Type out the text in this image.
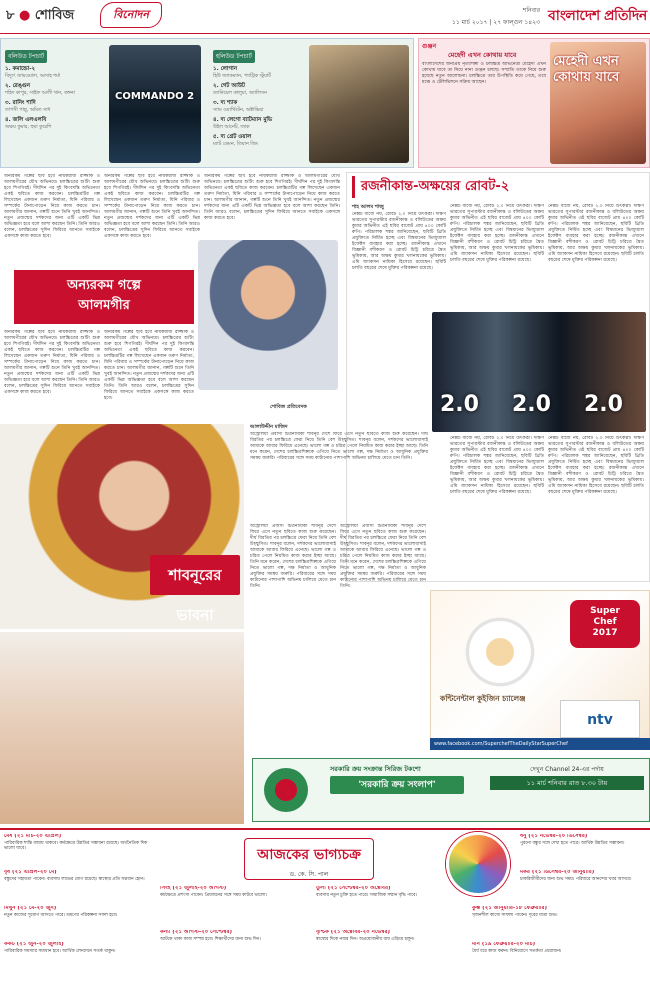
৮ ● শোবিজ	বিনোদন	শনিবার
১১ মার্চ ২০১৭ | ২৭ ফাল্গুন ১৪২৩ বাংলাদেশ প্রতিদিন
বলিউড টপচার্ট
১. কমান্ডো-২
বিদ্যুৎ জামওয়াল, আদাহ শর্মা
২. রেঙ্গুন
শহিদ কাপুর, সাইফ আলী খান, কঙ্গনা
৩. রানিং শাদি
তাপসী পান্নু, অমিত সাধ
৪. জলি এলএলবি
অক্ষয় কুমার, হুমা কুরেশি
COMMANDO 2
হলিউড টপচার্ট
১. লোগান
হিউ জ্যাকম্যান, প্যাট্রিক স্টুয়ার্ট
২. গেট আউট
ড্যানিয়েল কালুয়া, অ্যালিসন
৩. দ্য শ্যাক
স্যাম ওয়ার্থিংটন, অক্টাভিয়া
৪. দ্য লেগো ব্যাটম্যান মুভি
উইল আর্নেট, জাক
৫. দ্য গ্রেট ওয়াল
ম্যাট ডেমন, তিয়ান জিং
গুঞ্জন
মেহেদী এখন কোথায় যাবে
বাংলাদেশের জনপ্রিয় নৃত্যশিল্পী ও চলচ্চিত্র অভিনেত্রী মেহেদী এখন কোথায় যাবে তা নিয়ে নানা গুঞ্জন চলছে। সম্প্রতি তাকে নিয়ে শুরু হয়েছে নতুন আলোচনা। চলচ্চিত্রে তার উপস্থিতি কমে গেছে, তবে মঞ্চে ও টেলিভিশনে সক্রিয় আছেন।
মেহেদী এখন কোথায় যাবে
অন্যরকম গল্পের ছবি হবে নায়করাজ রাজ্জাক ও আলমগীরের যৌথ অভিনয়ে। চলচ্চিত্রের শুটিং শুরু হবে শিগগিরই। দীর্ঘদিন পর দুই কিংবদন্তি অভিনেতা একই ছবিতে কাজ করবেন। চলচ্চিত্রটির গল্প লিখেছেন একজন তরুণ নির্মাতা, যিনি পরিবার ও সম্পর্কের টানাপোড়েন নিয়ে কাজ করতে চান। আলমগীর জানান, গল্পটি শুনে তিনি খুবই আনন্দিত। নতুন প্রজন্মের দর্শকদের জন্য এটি একটি ভিন্ন অভিজ্ঞতা হবে বলে আশা করছেন তিনি। তিনি আরও বলেন, চলচ্চিত্রের সুদিন ফিরিয়ে আনতে সবাইকে একসঙ্গে কাজ করতে হবে।
অন্যরকম গল্পের ছবি হবে নায়করাজ রাজ্জাক ও আলমগীরের যৌথ অভিনয়ে। চলচ্চিত্রের শুটিং শুরু হবে শিগগিরই। দীর্ঘদিন পর দুই কিংবদন্তি অভিনেতা একই ছবিতে কাজ করবেন। চলচ্চিত্রটির গল্প লিখেছেন একজন তরুণ নির্মাতা, যিনি পরিবার ও সম্পর্কের টানাপোড়েন নিয়ে কাজ করতে চান। আলমগীর জানান, গল্পটি শুনে তিনি খুবই আনন্দিত। নতুন প্রজন্মের দর্শকদের জন্য এটি একটি ভিন্ন অভিজ্ঞতা হবে বলে আশা করছেন তিনি। তিনি আরও বলেন, চলচ্চিত্রের সুদিন ফিরিয়ে আনতে সবাইকে একসঙ্গে কাজ করতে হবে।
অন্যরকম গল্পের ছবি হবে নায়করাজ রাজ্জাক ও আলমগীরের যৌথ অভিনয়ে। চলচ্চিত্রের শুটিং শুরু হবে শিগগিরই। দীর্ঘদিন পর দুই কিংবদন্তি অভিনেতা একই ছবিতে কাজ করবেন। চলচ্চিত্রটির গল্প লিখেছেন একজন তরুণ নির্মাতা, যিনি পরিবার ও সম্পর্কের টানাপোড়েন নিয়ে কাজ করতে চান। আলমগীর জানান, গল্পটি শুনে তিনি খুবই আনন্দিত। নতুন প্রজন্মের দর্শকদের জন্য এটি একটি ভিন্ন অভিজ্ঞতা হবে বলে আশা করছেন তিনি। তিনি আরও বলেন, চলচ্চিত্রের সুদিন ফিরিয়ে আনতে সবাইকে একসঙ্গে কাজ করতে হবে।
অন্যরকম গল্পে
আলমগীর
অন্যরকম গল্পের ছবি হবে নায়করাজ রাজ্জাক ও আলমগীরের যৌথ অভিনয়ে। চলচ্চিত্রের শুটিং শুরু হবে শিগগিরই। দীর্ঘদিন পর দুই কিংবদন্তি অভিনেতা একই ছবিতে কাজ করবেন। চলচ্চিত্রটির গল্প লিখেছেন একজন তরুণ নির্মাতা, যিনি পরিবার ও সম্পর্কের টানাপোড়েন নিয়ে কাজ করতে চান। আলমগীর জানান, গল্পটি শুনে তিনি খুবই আনন্দিত। নতুন প্রজন্মের দর্শকদের জন্য এটি একটি ভিন্ন অভিজ্ঞতা হবে বলে আশা করছেন তিনি। তিনি আরও বলেন, চলচ্চিত্রের সুদিন ফিরিয়ে আনতে সবাইকে একসঙ্গে কাজ করতে হবে।
অন্যরকম গল্পের ছবি হবে নায়করাজ রাজ্জাক ও আলমগীরের যৌথ অভিনয়ে। চলচ্চিত্রের শুটিং শুরু হবে শিগগিরই। দীর্ঘদিন পর দুই কিংবদন্তি অভিনেতা একই ছবিতে কাজ করবেন। চলচ্চিত্রটির গল্প লিখেছেন একজন তরুণ নির্মাতা, যিনি পরিবার ও সম্পর্কের টানাপোড়েন নিয়ে কাজ করতে চান। আলমগীর জানান, গল্পটি শুনে তিনি খুবই আনন্দিত। নতুন প্রজন্মের দর্শকদের জন্য এটি একটি ভিন্ন অভিজ্ঞতা হবে বলে আশা করছেন তিনি। তিনি আরও বলেন, চলচ্চিত্রের সুদিন ফিরিয়ে আনতে সবাইকে একসঙ্গে কাজ করতে হবে।
শোবিজ প্রতিবেদক
রজনীকান্ত-অক্ষয়ের রোবট-২
শাহ আলম শাজু
নেক্সট বাজে নয়, রোবট ২.০ নিয়ে উৎকণ্ঠা। দক্ষিণ ভারতের সুপারস্টার রজনীকান্ত ও বলিউডের অক্ষয় কুমার অভিনীত এই ছবির বাজেট প্রায় ৪০০ কোটি রুপি। পরিচালক শঙ্কর জানিয়েছেন, ছবিটি থ্রিডি প্রযুক্তিতে নির্মিত হচ্ছে এবং বিশ্বমানের ভিজ্যুয়াল ইফেক্টস ব্যবহার করা হচ্ছে। রজনীকান্ত এখানে বিজ্ঞানী বশীকরণ ও রোবট চিট্টি চরিত্রে দ্বৈত ভূমিকায়, আর অক্ষয় কুমার খলনায়কের ভূমিকায়। এমি জ্যাকসন নায়িকা হিসেবে রয়েছেন। ছবিটি চলতি বছরের শেষে মুক্তির পরিকল্পনা রয়েছে।
নেক্সট বাজে নয়, রোবট ২.০ নিয়ে উৎকণ্ঠা। দক্ষিণ ভারতের সুপারস্টার রজনীকান্ত ও বলিউডের অক্ষয় কুমার অভিনীত এই ছবির বাজেট প্রায় ৪০০ কোটি রুপি। পরিচালক শঙ্কর জানিয়েছেন, ছবিটি থ্রিডি প্রযুক্তিতে নির্মিত হচ্ছে এবং বিশ্বমানের ভিজ্যুয়াল ইফেক্টস ব্যবহার করা হচ্ছে। রজনীকান্ত এখানে বিজ্ঞানী বশীকরণ ও রোবট চিট্টি চরিত্রে দ্বৈত ভূমিকায়, আর অক্ষয় কুমার খলনায়কের ভূমিকায়। এমি জ্যাকসন নায়িকা হিসেবে রয়েছেন। ছবিটি চলতি বছরের শেষে মুক্তির পরিকল্পনা রয়েছে।
নেক্সট বাজে নয়, রোবট ২.০ নিয়ে উৎকণ্ঠা। দক্ষিণ ভারতের সুপারস্টার রজনীকান্ত ও বলিউডের অক্ষয় কুমার অভিনীত এই ছবির বাজেট প্রায় ৪০০ কোটি রুপি। পরিচালক শঙ্কর জানিয়েছেন, ছবিটি থ্রিডি প্রযুক্তিতে নির্মিত হচ্ছে এবং বিশ্বমানের ভিজ্যুয়াল ইফেক্টস ব্যবহার করা হচ্ছে। রজনীকান্ত এখানে বিজ্ঞানী বশীকরণ ও রোবট চিট্টি চরিত্রে দ্বৈত ভূমিকায়, আর অক্ষয় কুমার খলনায়কের ভূমিকায়। এমি জ্যাকসন নায়িকা হিসেবে রয়েছেন। ছবিটি চলতি বছরের শেষে মুক্তির পরিকল্পনা রয়েছে।
2.0 2.0 2.0
নেক্সট বাজে নয়, রোবট ২.০ নিয়ে উৎকণ্ঠা। দক্ষিণ ভারতের সুপারস্টার রজনীকান্ত ও বলিউডের অক্ষয় কুমার অভিনীত এই ছবির বাজেট প্রায় ৪০০ কোটি রুপি। পরিচালক শঙ্কর জানিয়েছেন, ছবিটি থ্রিডি প্রযুক্তিতে নির্মিত হচ্ছে এবং বিশ্বমানের ভিজ্যুয়াল ইফেক্টস ব্যবহার করা হচ্ছে। রজনীকান্ত এখানে বিজ্ঞানী বশীকরণ ও রোবট চিট্টি চরিত্রে দ্বৈত ভূমিকায়, আর অক্ষয় কুমার খলনায়কের ভূমিকায়। এমি জ্যাকসন নায়িকা হিসেবে রয়েছেন। ছবিটি চলতি বছরের শেষে মুক্তির পরিকল্পনা রয়েছে।
নেক্সট বাজে নয়, রোবট ২.০ নিয়ে উৎকণ্ঠা। দক্ষিণ ভারতের সুপারস্টার রজনীকান্ত ও বলিউডের অক্ষয় কুমার অভিনীত এই ছবির বাজেট প্রায় ৪০০ কোটি রুপি। পরিচালক শঙ্কর জানিয়েছেন, ছবিটি থ্রিডি প্রযুক্তিতে নির্মিত হচ্ছে এবং বিশ্বমানের ভিজ্যুয়াল ইফেক্টস ব্যবহার করা হচ্ছে। রজনীকান্ত এখানে বিজ্ঞানী বশীকরণ ও রোবট চিট্টি চরিত্রে দ্বৈত ভূমিকায়, আর অক্ষয় কুমার খলনায়কের ভূমিকায়। এমি জ্যাকসন নায়িকা হিসেবে রয়েছেন। ছবিটি চলতি বছরের শেষে মুক্তির পরিকল্পনা রয়েছে।
আলাউদ্দীন মাজিদ
অস্ট্রেলিয়া প্রবাসী চিত্রনায়িকা শাবনূর দেশে ফিরে এসে নতুন ছবিতে কাজ শুরু করেছেন। দীর্ঘ বিরতির পর চলচ্চিত্রে ফেরা নিয়ে তিনি বেশ উচ্ছ্বসিত। শাবনূর বলেন, দর্শকদের ভালোবাসাই আমাকে আবার ফিরিয়ে এনেছে। ভালো গল্প ও চরিত্র পেলে নিয়মিত কাজ করার ইচ্ছা আছে। তিনি মনে করেন, দেশের চলচ্চিত্রশিল্পকে এগিয়ে নিতে ভালো গল্প, দক্ষ নির্মাতা ও আধুনিক প্রযুক্তির সমন্বয় জরুরি। পরিবারের সঙ্গে সময় কাটানোর পাশাপাশি অভিনয় চালিয়ে যেতে চান তিনি।
শাবনূরের ভাবনা
অস্ট্রেলিয়া প্রবাসী চিত্রনায়িকা শাবনূর দেশে ফিরে এসে নতুন ছবিতে কাজ শুরু করেছেন। দীর্ঘ বিরতির পর চলচ্চিত্রে ফেরা নিয়ে তিনি বেশ উচ্ছ্বসিত। শাবনূর বলেন, দর্শকদের ভালোবাসাই আমাকে আবার ফিরিয়ে এনেছে। ভালো গল্প ও চরিত্র পেলে নিয়মিত কাজ করার ইচ্ছা আছে। তিনি মনে করেন, দেশের চলচ্চিত্রশিল্পকে এগিয়ে নিতে ভালো গল্প, দক্ষ নির্মাতা ও আধুনিক প্রযুক্তির সমন্বয় জরুরি। পরিবারের সঙ্গে সময় কাটানোর পাশাপাশি অভিনয় চালিয়ে যেতে চান তিনি।
অস্ট্রেলিয়া প্রবাসী চিত্রনায়িকা শাবনূর দেশে ফিরে এসে নতুন ছবিতে কাজ শুরু করেছেন। দীর্ঘ বিরতির পর চলচ্চিত্রে ফেরা নিয়ে তিনি বেশ উচ্ছ্বসিত। শাবনূর বলেন, দর্শকদের ভালোবাসাই আমাকে আবার ফিরিয়ে এনেছে। ভালো গল্প ও চরিত্র পেলে নিয়মিত কাজ করার ইচ্ছা আছে। তিনি মনে করেন, দেশের চলচ্চিত্রশিল্পকে এগিয়ে নিতে ভালো গল্প, দক্ষ নির্মাতা ও আধুনিক প্রযুক্তির সমন্বয় জরুরি। পরিবারের সঙ্গে সময় কাটানোর পাশাপাশি অভিনয় চালিয়ে যেতে চান তিনি।
Super
Chef
2017
কন্টিনেন্টাল কুইজিন চ্যালেঞ্জ
ntv
www.facebook.com/SuperchefTheDailyStarSuperChef
সরকারি ক্রয় সংক্রান্ত সিরিজ টকশো
'সরকারি ক্রয় সংলাপ'
দেখুন Channel 24-এর পর্দায়
১১ মার্চ শনিবার রাত ৮.৩০ টায়
আজকের ভাগ্যচক্র
ড. কে. সি. পাল
মেষ (২১ মার্চ-২০ এপ্রিল)
পারিবারিক শান্তি বজায় থাকবে। কর্মক্ষেত্রে উন্নতির সম্ভাবনা রয়েছে। অর্থনৈতিক দিক ভালো যাবে।
বৃষ (২১ এপ্রিল-২০ মে)
বন্ধুদের সহায়তা পাবেন। ব্যবসায় লাভের যোগ রয়েছে। স্বাস্থ্যের প্রতি যত্নবান হোন।
মিথুন (২১ মে-২০ জুন)
নতুন কাজের সুযোগ আসতে পারে। ভ্রমণের পরিকল্পনা সফল হবে।
কর্কট (২১ জুন-২০ জুলাই)
পারিবারিক সমস্যার সমাধান হবে। আর্থিক লেনদেনে সতর্ক থাকুন।
সিংহ (২১ জুলাই-২০ আগস্ট)
কর্মক্ষেত্রে প্রশংসা পাবেন। প্রিয়জনের সঙ্গে সময় কাটবে ভালো।
কন্যা (২১ আগস্ট-২০ সেপ্টেম্বর)
আটকে থাকা কাজ সম্পন্ন হবে। শিক্ষার্থীদের জন্য শুভ দিন।
তুলা (২১ সেপ্টেম্বর-২০ অক্টোবর)
ব্যবসায় নতুন চুক্তি হতে পারে। সামাজিক সম্মান বৃদ্ধি পাবে।
বৃশ্চিক (২১ অক্টোবর-২০ নভেম্বর)
স্বাস্থ্যের দিকে নজর দিন। অপ্রয়োজনীয় ব্যয় এড়িয়ে চলুন।
ধনু (২১ নভেম্বর-২০ ডিসেম্বর)
পুরনো বন্ধুর সঙ্গে দেখা হতে পারে। আর্থিক উন্নতির সম্ভাবনা।
মকর (২১ ডিসেম্বর-২০ জানুয়ারি)
চাকরিজীবীদের জন্য শুভ সময়। পরিবারে আনন্দের খবর আসবে।
কুম্ভ (২১ জানুয়ারি-১৮ ফেব্রুয়ারি)
সৃজনশীল কাজে সাফল্য পাবেন। দূরের যাত্রা শুভ।
মীন (১৯ ফেব্রুয়ারি-২০ মার্চ)
ধৈর্য ধরে কাজ করুন। বিনিয়োগে সতর্কতা প্রয়োজন।
